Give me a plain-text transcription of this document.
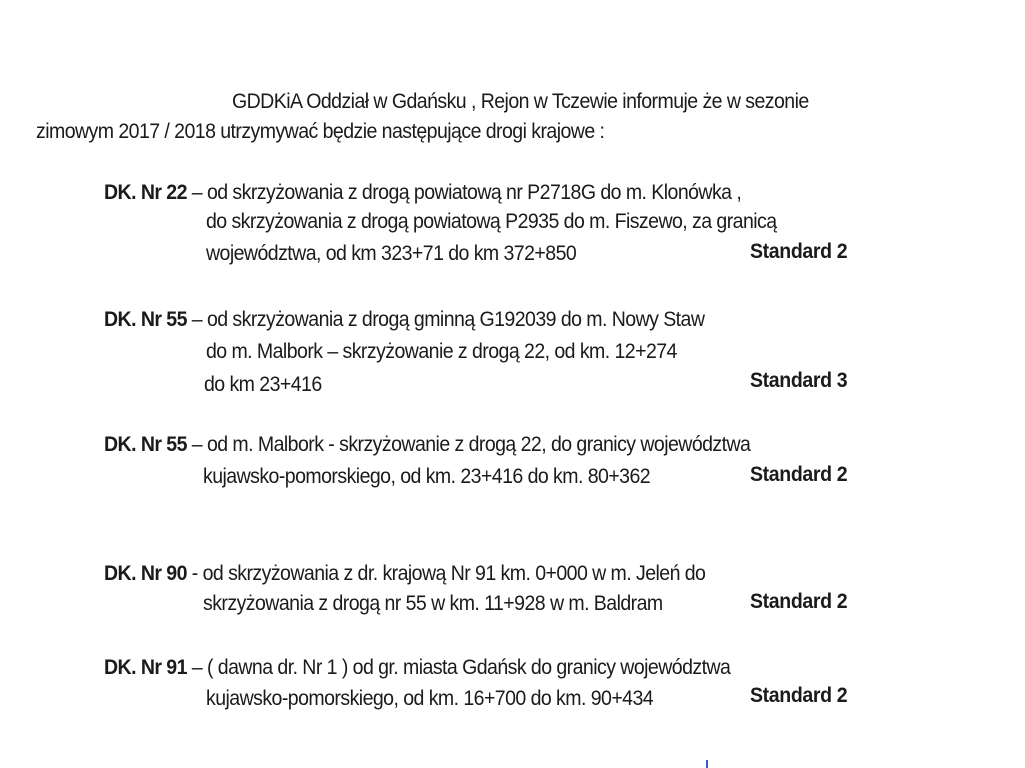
GDDKiA Oddział w Gdańsku , Rejon w Tczewie informuje że w sezonie
zimowym 2017 / 2018 utrzymywać będzie następujące drogi krajowe :
DK. Nr 22 – od skrzyżowania z drogą powiatową nr P2718G do m. Klonówka ,
do skrzyżowania z drogą powiatową P2935 do m. Fiszewo, za granicą
województwa, od km 323+71 do km 372+850	Standard 2
DK. Nr 55 – od skrzyżowania z drogą gminną G192039 do m. Nowy Staw
do m. Malbork – skrzyżowanie z drogą 22, od km. 12+274
do km 23+416	Standard 3
DK. Nr 55 – od m. Malbork - skrzyżowanie z drogą 22, do granicy województwa
kujawsko-pomorskiego, od km. 23+416 do km. 80+362	Standard 2
DK. Nr 90 - od skrzyżowania z dr. krajową Nr 91 km. 0+000 w m. Jeleń do
skrzyżowania z drogą nr 55 w km. 11+928 w m. Baldram	Standard 2
DK. Nr 91 – ( dawna dr. Nr 1 ) od gr. miasta Gdańsk do granicy województwa
kujawsko-pomorskiego, od km. 16+700 do km. 90+434	Standard 2
